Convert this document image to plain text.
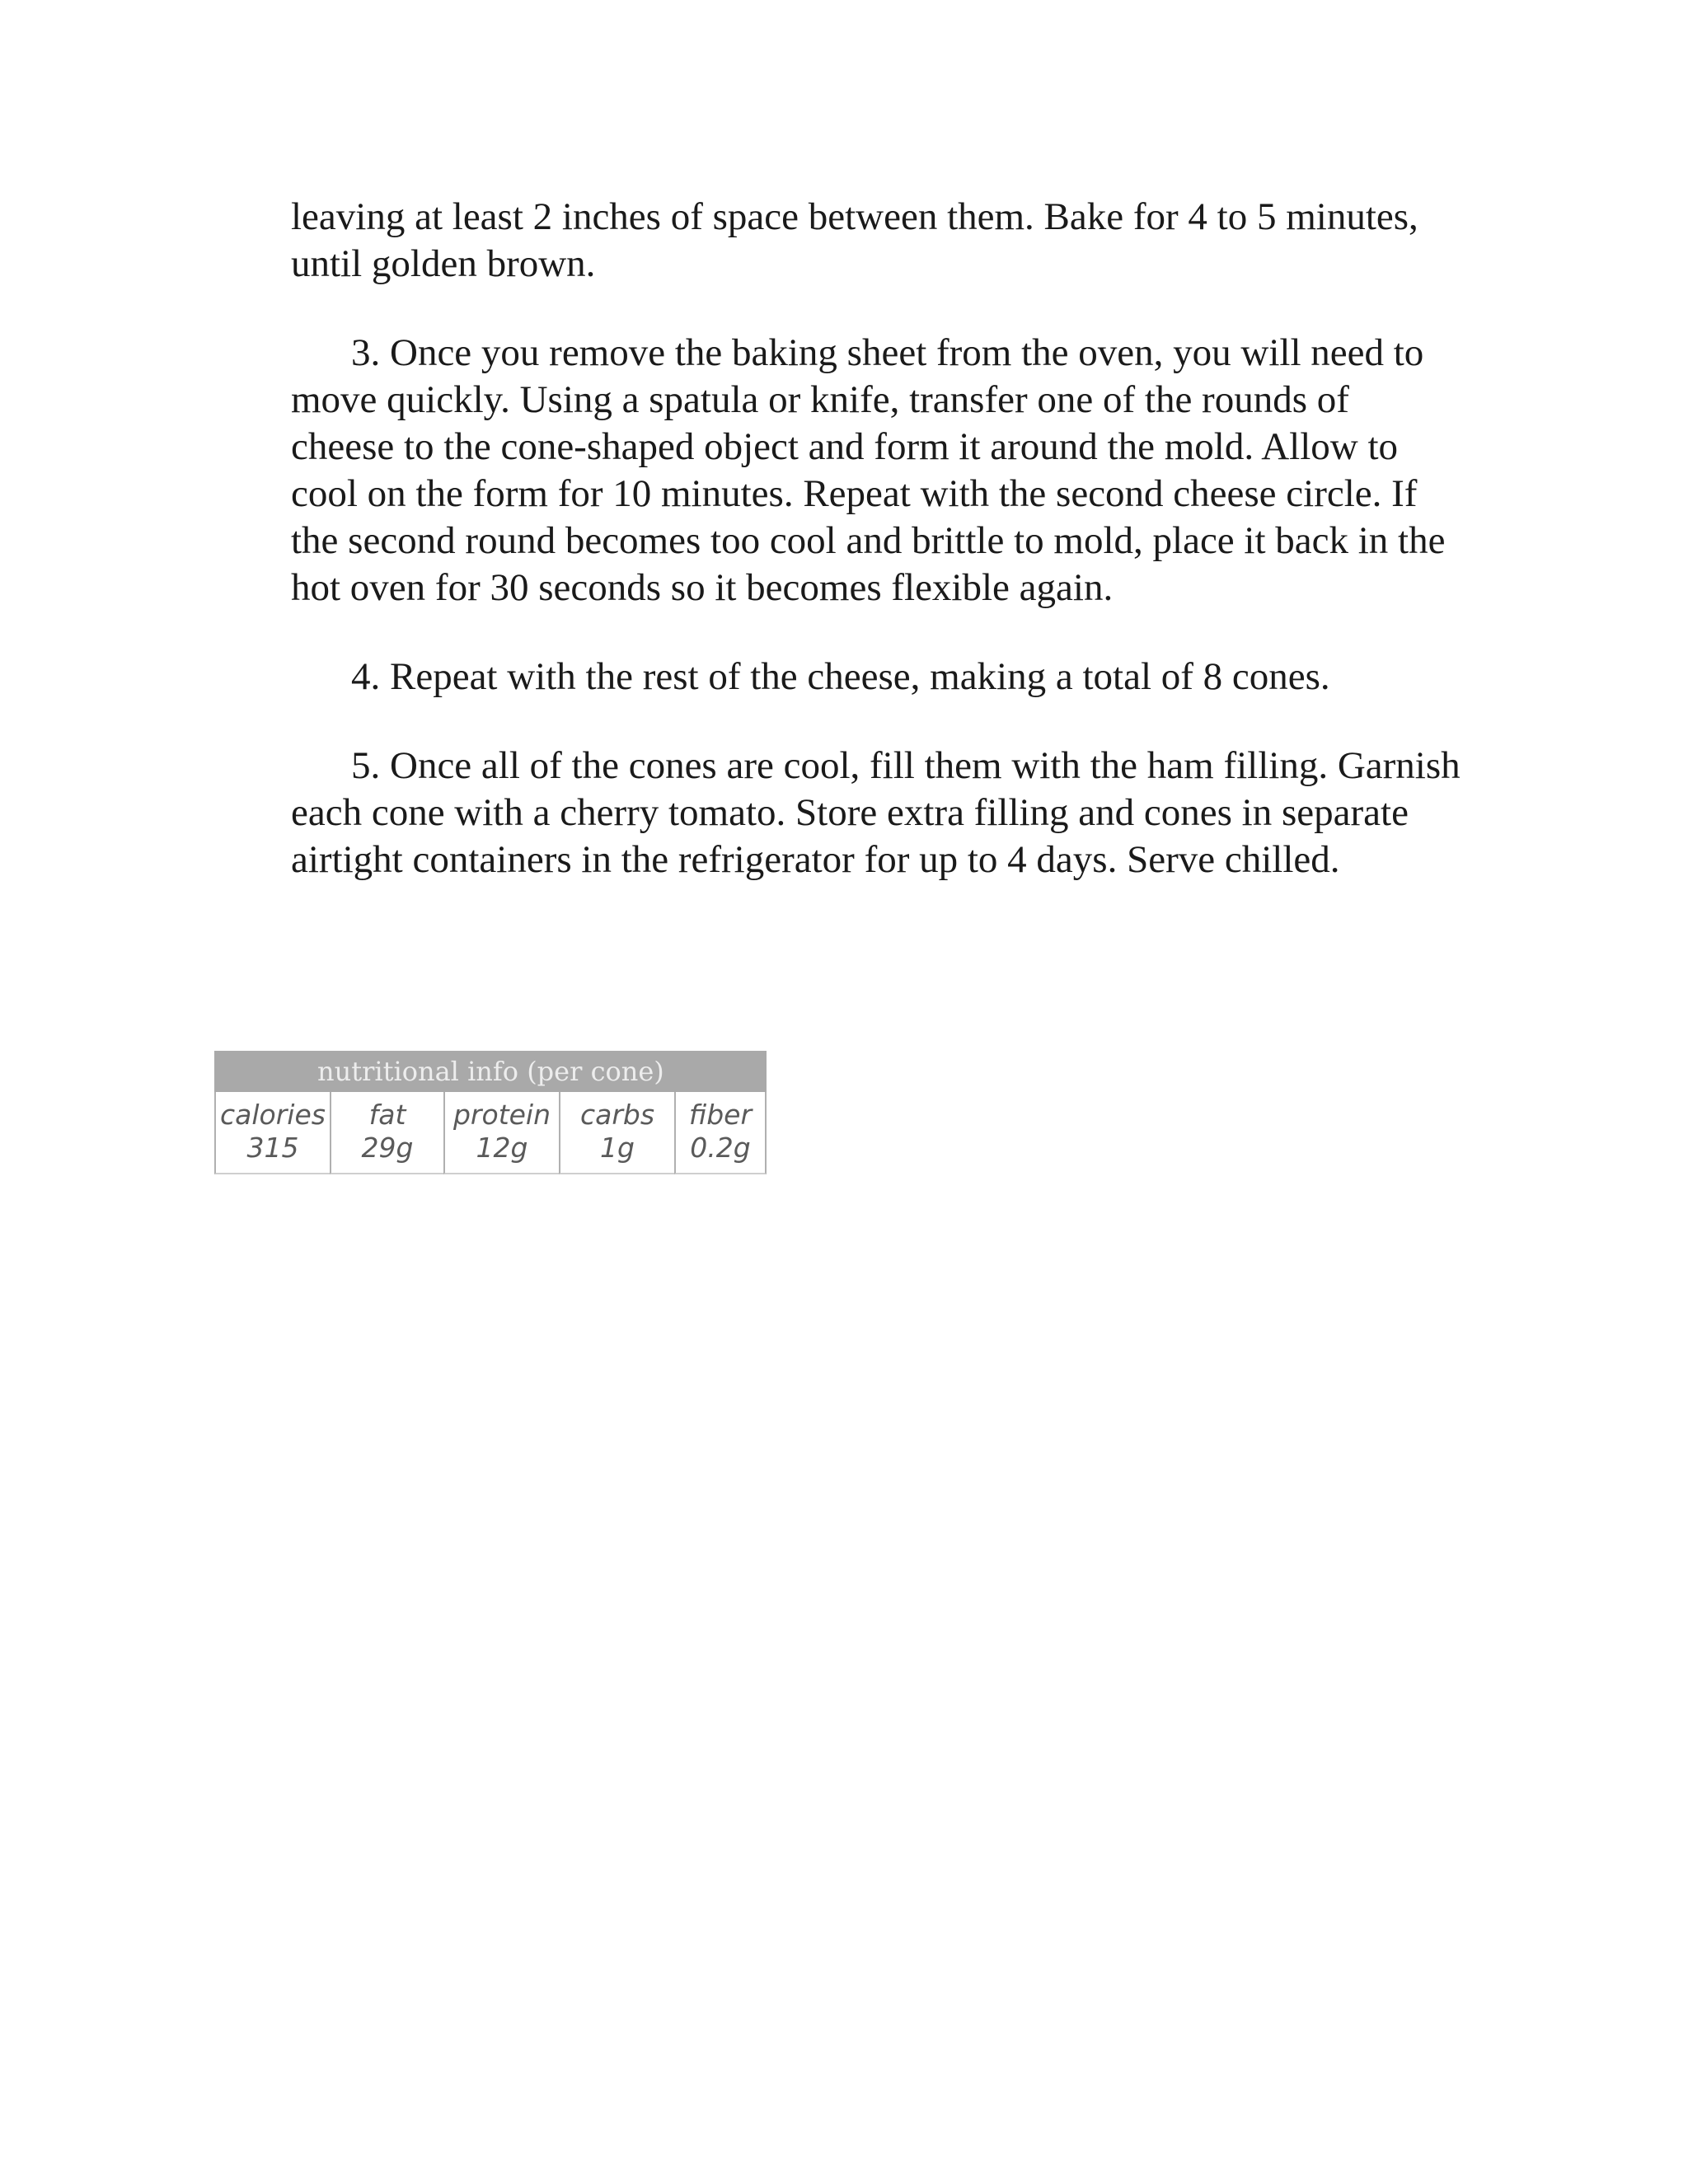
leaving at least 2 inches of space between them. Bake for 4 to 5 minutes, until golden brown.

3. Once you remove the baking sheet from the oven, you will need to move quickly. Using a spatula or knife, transfer one of the rounds of cheese to the cone-shaped object and form it around the mold. Allow to cool on the form for 10 minutes. Repeat with the second cheese circle. If the second round becomes too cool and brittle to mold, place it back in the hot oven for 30 seconds so it becomes flexible again.

4. Repeat with the rest of the cheese, making a total of 8 cones.

5. Once all of the cones are cool, fill them with the ham filling. Garnish each cone with a cherry tomato. Store extra filling and cones in separate airtight containers in the refrigerator for up to 4 days. Serve chilled.

nutritional info (per cone)
calories
315
fat
29g
protein
12g
carbs
1g
fiber
0.2g
